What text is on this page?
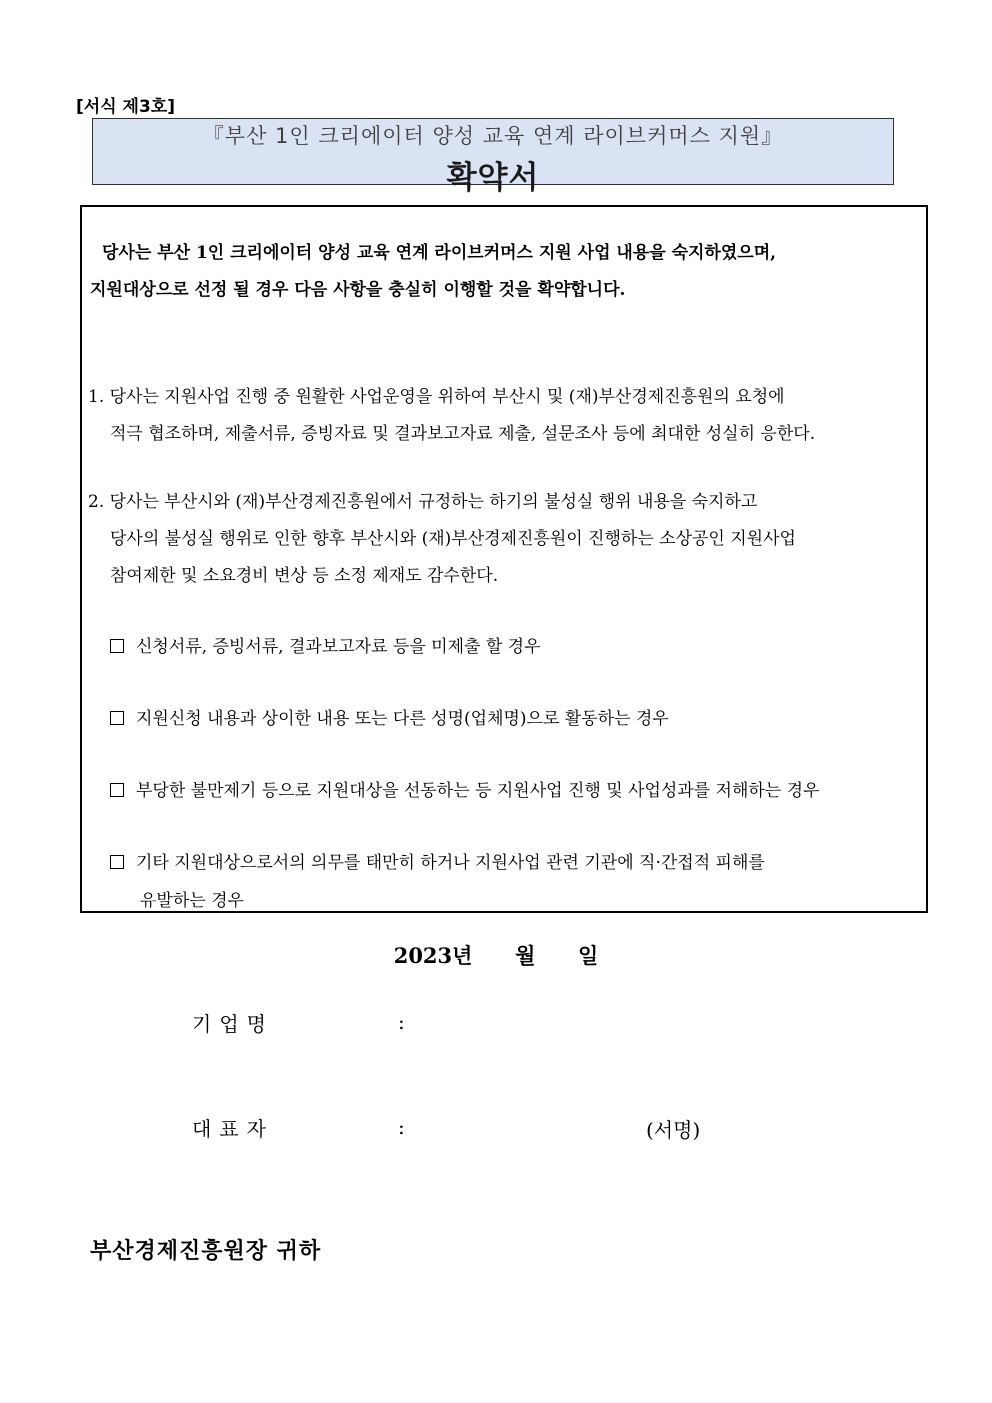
[서식 제3호]
『부산 1인 크리에이터 양성 교육 연계 라이브커머스 지원』
확약서

당사는 부산 1인 크리에이터 양성 교육 연계 라이브커머스 지원 사업 내용을 숙지하였으며,

지원대상으로 선정 될 경우 다음 사항을 충실히 이행할 것을 확약합니다.

1. 당사는 지원사업 진행 중 원활한 사업운영을 위하여 부산시 및 (재)부산경제진흥원의 요청에

적극 협조하며, 제출서류, 증빙자료 및 결과보고자료 제출, 설문조사 등에 최대한 성실히 응한다.

2. 당사는 부산시와 (재)부산경제진흥원에서 규정하는 하기의 불성실 행위 내용을 숙지하고

당사의 불성실 행위로 인한 향후 부산시와 (재)부산경제진흥원이 진행하는 소상공인 지원사업

참여제한 및 소요경비 변상 등 소정 제재도 감수한다.

신청서류, 증빙서류, 결과보고자료 등을 미제출 할 경우

지원신청 내용과 상이한 내용 또는 다른 성명(업체명)으로 활동하는 경우

부당한 불만제기 등으로 지원대상을 선동하는 등 지원사업 진행 및 사업성과를 저해하는 경우

기타 지원대상으로서의 의무를 태만히 하거나 지원사업 관련 기관에 직·간접적 피해를

유발하는 경우

2023년 월 일
기업명	:
대표자	:	(서명)
부산경제진흥원장 귀하
